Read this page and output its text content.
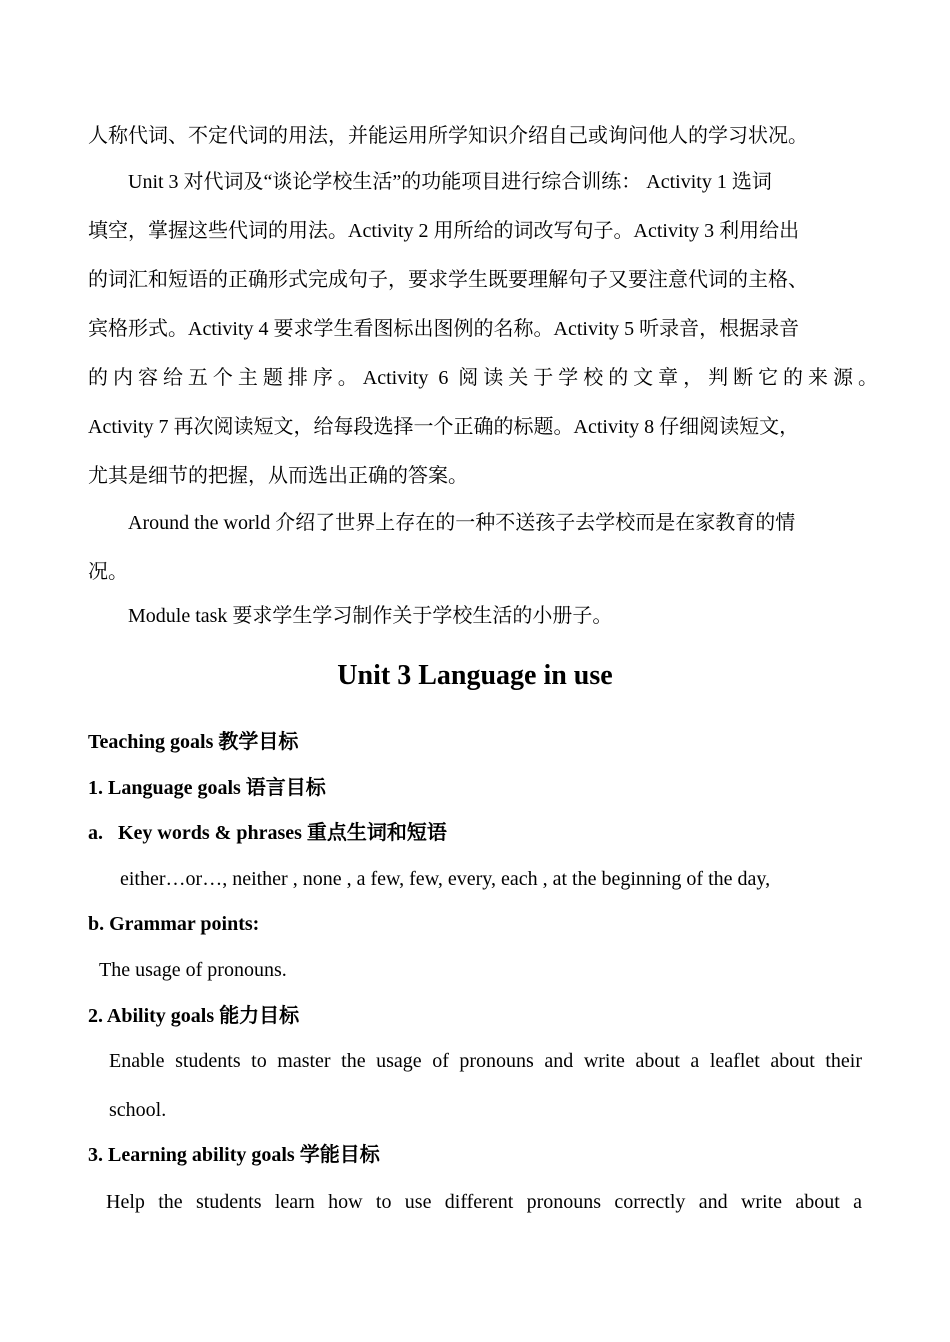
人称代词、不定代词的用法，并能运用所学知识介绍自己或询问他人的学习状况。
Unit 3 对代词及“谈论学校生活”的功能项目进行综合训练： Activity 1 选词
填空，掌握这些代词的用法。Activity 2 用所给的词改写句子。Activity 3 利用给出
的词汇和短语的正确形式完成句子，要求学生既要理解句子又要注意代词的主格、
宾格形式。Activity 4 要求学生看图标出图例的名称。Activity 5 听录音，根据录音
的内容给五个主题排序。Activity 6 阅读关于学校的文章，判断它的来源。
Activity 7 再次阅读短文，给每段选择一个正确的标题。Activity 8 仔细阅读短文，
尤其是细节的把握，从而选出正确的答案。
Around the world 介绍了世界上存在的一种不送孩子去学校而是在家教育的情
况。
Module task 要求学生学习制作关于学校生活的小册子。
Unit 3 Language in use
Teaching goals 教学目标
1. Language goals 语言目标
a.   Key words & phrases 重点生词和短语
either…or…, neither , none , a few, few, every, each , at the beginning of the day,
b. Grammar points:
The usage of pronouns.
2. Ability goals 能力目标
Enable students to master the usage of pronouns and write about a leaflet about their
school.
3. Learning ability goals 学能目标
Help the students learn how to use different pronouns correctly and write about a
